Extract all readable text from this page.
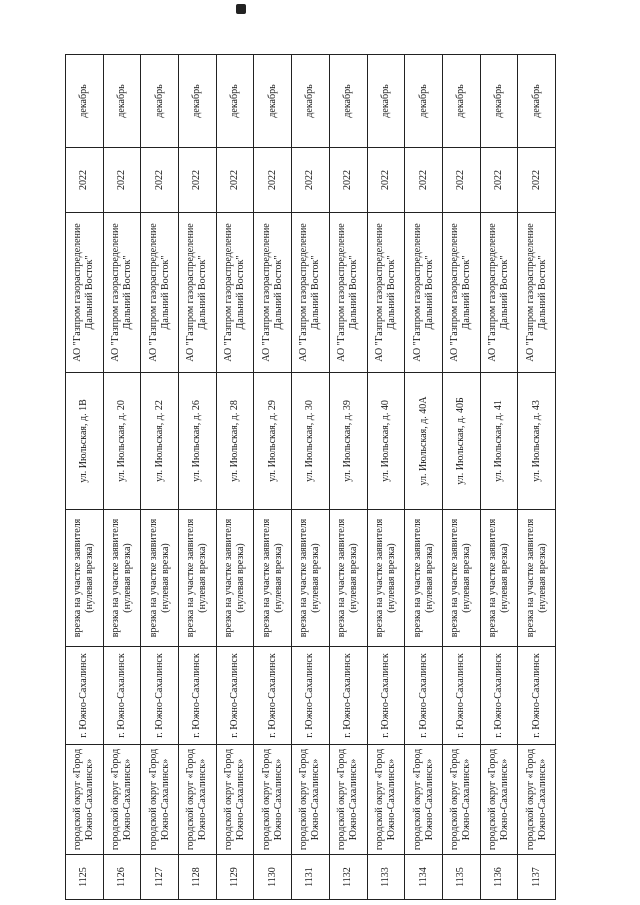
1125	городской округ «Город Южно-Сахалинск»	г. Южно-Сахалинск	врезка на участке заявителя (нулевая врезка)	ул. Июльская, д. 1В	АО "Газпром газораспределение Дальний Восток"	2022	декабрь
1126	городской округ «Город Южно-Сахалинск»	г. Южно-Сахалинск	врезка на участке заявителя (нулевая врезка)	ул. Июльская, д. 20	АО "Газпром газораспределение Дальний Восток"	2022	декабрь
1127	городской округ «Город Южно-Сахалинск»	г. Южно-Сахалинск	врезка на участке заявителя (нулевая врезка)	ул. Июльская, д. 22	АО "Газпром газораспределение Дальний Восток"	2022	декабрь
1128	городской округ «Город Южно-Сахалинск»	г. Южно-Сахалинск	врезка на участке заявителя (нулевая врезка)	ул. Июльская, д. 26	АО "Газпром газораспределение Дальний Восток"	2022	декабрь
1129	городской округ «Город Южно-Сахалинск»	г. Южно-Сахалинск	врезка на участке заявителя (нулевая врезка)	ул. Июльская, д. 28	АО "Газпром газораспределение Дальний Восток"	2022	декабрь
1130	городской округ «Город Южно-Сахалинск»	г. Южно-Сахалинск	врезка на участке заявителя (нулевая врезка)	ул. Июльская, д. 29	АО "Газпром газораспределение Дальний Восток"	2022	декабрь
1131	городской округ «Город Южно-Сахалинск»	г. Южно-Сахалинск	врезка на участке заявителя (нулевая врезка)	ул. Июльская, д. 30	АО "Газпром газораспределение Дальний Восток"	2022	декабрь
1132	городской округ «Город Южно-Сахалинск»	г. Южно-Сахалинск	врезка на участке заявителя (нулевая врезка)	ул. Июльская, д. 39	АО "Газпром газораспределение Дальний Восток"	2022	декабрь
1133	городской округ «Город Южно-Сахалинск»	г. Южно-Сахалинск	врезка на участке заявителя (нулевая врезка)	ул. Июльская, д. 40	АО "Газпром газораспределение Дальний Восток"	2022	декабрь
1134	городской округ «Город Южно-Сахалинск»	г. Южно-Сахалинск	врезка на участке заявителя (нулевая врезка)	ул. Июльская, д. 40А	АО "Газпром газораспределение Дальний Восток"	2022	декабрь
1135	городской округ «Город Южно-Сахалинск»	г. Южно-Сахалинск	врезка на участке заявителя (нулевая врезка)	ул. Июльская, д. 40Б	АО "Газпром газораспределение Дальний Восток"	2022	декабрь
1136	городской округ «Город Южно-Сахалинск»	г. Южно-Сахалинск	врезка на участке заявителя (нулевая врезка)	ул. Июльская, д. 41	АО "Газпром газораспределение Дальний Восток"	2022	декабрь
1137	городской округ «Город Южно-Сахалинск»	г. Южно-Сахалинск	врезка на участке заявителя (нулевая врезка)	ул. Июльская, д. 43	АО "Газпром газораспределение Дальний Восток"	2022	декабрь
